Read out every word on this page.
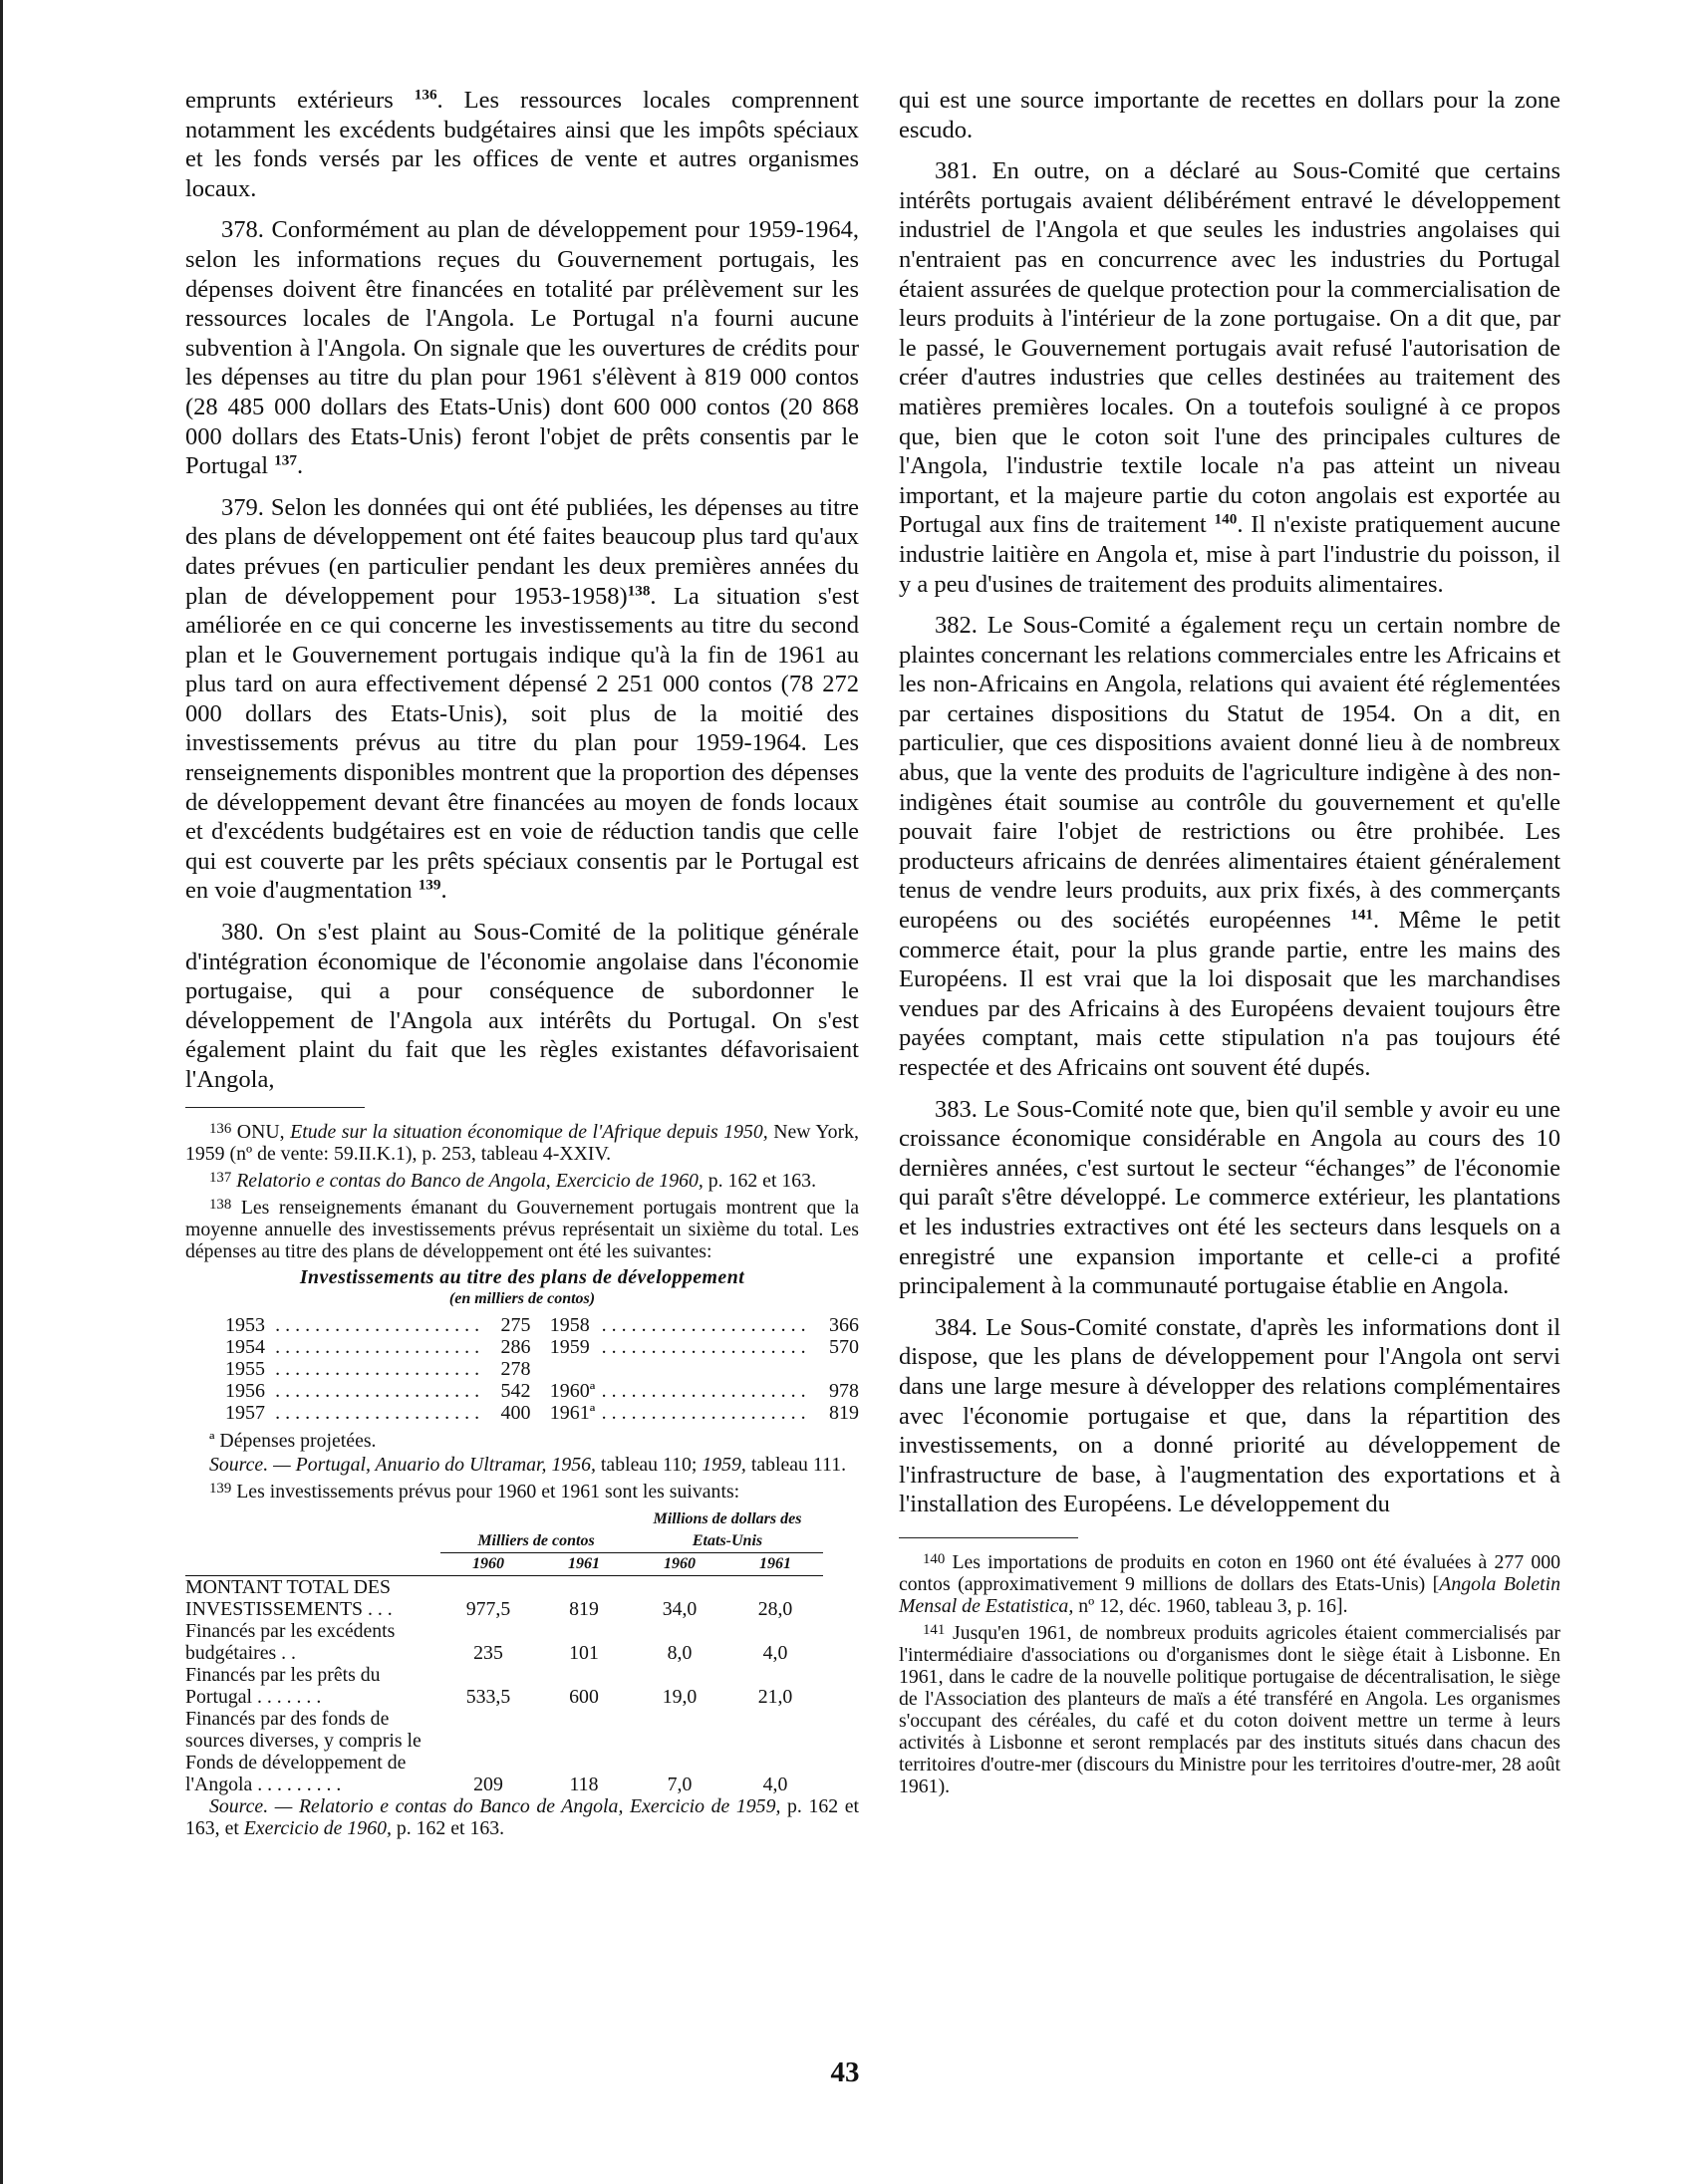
emprunts extérieurs $^{136}$. Les ressources locales comprennent notamment les excédents budgétaires ainsi que les impôts spéciaux et les fonds versés par les offices de vente et autres organismes locaux.

378. Conformément au plan de développement pour 1959-1964, selon les informations reçues du Gouvernement portugais, les dépenses doivent être financées en totalité par prélèvement sur les ressources locales de l'Angola. Le Portugal n'a fourni aucune subvention à l'Angola. On signale que les ouvertures de crédits pour les dépenses au titre du plan pour 1961 s'élèvent à 819 000 contos (28 485 000 dollars des Etats-Unis) dont 600 000 contos (20 868 000 dollars des Etats-Unis) feront l'objet de prêts consentis par le Portugal $^{137}$.

379. Selon les données qui ont été publiées, les dépenses au titre des plans de développement ont été faites beaucoup plus tard qu'aux dates prévues (en particulier pendant les deux premières années du plan de développement pour 1953-1958)$^{138}$. La situation s'est améliorée en ce qui concerne les investissements au titre du second plan et le Gouvernement portugais indique qu'à la fin de 1961 au plus tard on aura effectivement dépensé 2 251 000 contos (78 272 000 dollars des Etats-Unis), soit plus de la moitié des investissements prévus au titre du plan pour 1959-1964. Les renseignements disponibles montrent que la proportion des dépenses de développement devant être financées au moyen de fonds locaux et d'excédents budgétaires est en voie de réduction tandis que celle qui est couverte par les prêts spéciaux consentis par le Portugal est en voie d'augmentation $^{139}$.

380. On s'est plaint au Sous-Comité de la politique générale d'intégration économique de l'économie angolaise dans l'économie portugaise, qui a pour conséquence de subordonner le développement de l'Angola aux intérêts du Portugal. On s'est également plaint du fait que les règles existantes défavorisaient l'Angola,

$^{136}$ ONU, Etude sur la situation économique de l'Afrique depuis 1950, New York, 1959 (nº de vente: 59.II.K.1), p. 253, tableau 4-XXIV.

$^{137}$ Relatorio e contas do Banco de Angola, Exercicio de 1960, p. 162 et 163.

$^{138}$ Les renseignements émanant du Gouvernement portugais montrent que la moyenne annuelle des investissements prévus représentait un sixième du total. Les dépenses au titre des plans de développement ont été les suivantes:

Investissements au titre des plans de développement
(en milliers de contos)
1953	. . . . . . . . . . . . . . . . . . . . .	275		1958	. . . . . . . . . . . . . . . . . . . . .	366
1954	. . . . . . . . . . . . . . . . . . . . .	286		1959	. . . . . . . . . . . . . . . . . . . . .	570
1955	. . . . . . . . . . . . . . . . . . . . .	278				
1956	. . . . . . . . . . . . . . . . . . . . .	542		1960ª	. . . . . . . . . . . . . . . . . . . . .	978
1957	. . . . . . . . . . . . . . . . . . . . .	400		1961ª	. . . . . . . . . . . . . . . . . . . . .	819

ª Dépenses projetées.

Source. — Portugal, Anuario do Ultramar, 1956, tableau 110; 1959, tableau 111.

$^{139}$ Les investissements prévus pour 1960 et 1961 sont les suivants:

	Milliers de contos		Millions de dollars des Etats-Unis	
	1960	1961	1960	1961
MONTANT TOTAL DES INVESTISSEMENTS . . .	977,5	819	34,0	28,0
Financés par les excédents budgétaires . .	235	101	8,0	4,0
Financés par les prêts du Portugal . . . . . . .	533,5	600	19,0	21,0
Financés par des fonds de sources diverses, y compris le Fonds de développement de l'Angola . . . . . . . . .	209	118	7,0	4,0

Source. — Relatorio e contas do Banco de Angola, Exercicio de 1959, p. 162 et 163, et Exercicio de 1960, p. 162 et 163.

qui est une source importante de recettes en dollars pour la zone escudo.

381. En outre, on a déclaré au Sous-Comité que certains intérêts portugais avaient délibérément entravé le développement industriel de l'Angola et que seules les industries angolaises qui n'entraient pas en concurrence avec les industries du Portugal étaient assurées de quelque protection pour la commercialisation de leurs produits à l'intérieur de la zone portugaise. On a dit que, par le passé, le Gouvernement portugais avait refusé l'autorisation de créer d'autres industries que celles destinées au traitement des matières premières locales. On a toutefois souligné à ce propos que, bien que le coton soit l'une des principales cultures de l'Angola, l'industrie textile locale n'a pas atteint un niveau important, et la majeure partie du coton angolais est exportée au Portugal aux fins de traitement $^{140}$. Il n'existe pratiquement aucune industrie laitière en Angola et, mise à part l'industrie du poisson, il y a peu d'usines de traitement des produits alimentaires.

382. Le Sous-Comité a également reçu un certain nombre de plaintes concernant les relations commerciales entre les Africains et les non-Africains en Angola, relations qui avaient été réglementées par certaines dispositions du Statut de 1954. On a dit, en particulier, que ces dispositions avaient donné lieu à de nombreux abus, que la vente des produits de l'agriculture indigène à des non-indigènes était soumise au contrôle du gouvernement et qu'elle pouvait faire l'objet de restrictions ou être prohibée. Les producteurs africains de denrées alimentaires étaient généralement tenus de vendre leurs produits, aux prix fixés, à des commerçants européens ou des sociétés européennes $^{141}$. Même le petit commerce était, pour la plus grande partie, entre les mains des Européens. Il est vrai que la loi disposait que les marchandises vendues par des Africains à des Européens devaient toujours être payées comptant, mais cette stipulation n'a pas toujours été respectée et des Africains ont souvent été dupés.

383. Le Sous-Comité note que, bien qu'il semble y avoir eu une croissance économique considérable en Angola au cours des 10 dernières années, c'est surtout le secteur “échanges” de l'économie qui paraît s'être développé. Le commerce extérieur, les plantations et les industries extractives ont été les secteurs dans lesquels on a enregistré une expansion importante et celle-ci a profité principalement à la communauté portugaise établie en Angola.

384. Le Sous-Comité constate, d'après les informations dont il dispose, que les plans de développement pour l'Angola ont servi dans une large mesure à développer des relations complémentaires avec l'économie portugaise et que, dans la répartition des investissements, on a donné priorité au développement de l'infrastructure de base, à l'augmentation des exportations et à l'installation des Européens. Le développement du

$^{140}$ Les importations de produits en coton en 1960 ont été évaluées à 277 000 contos (approximativement 9 millions de dollars des Etats-Unis) [Angola Boletin Mensal de Estatistica, nº 12, déc. 1960, tableau 3, p. 16].

$^{141}$ Jusqu'en 1961, de nombreux produits agricoles étaient commercialisés par l'intermédiaire d'associations ou d'organismes dont le siège était à Lisbonne. En 1961, dans le cadre de la nouvelle politique portugaise de décentralisation, le siège de l'Association des planteurs de maïs a été transféré en Angola. Les organismes s'occupant des céréales, du café et du coton doivent mettre un terme à leurs activités à Lisbonne et seront remplacés par des instituts situés dans chacun des territoires d'outre-mer (discours du Ministre pour les territoires d'outre-mer, 28 août 1961).

43
